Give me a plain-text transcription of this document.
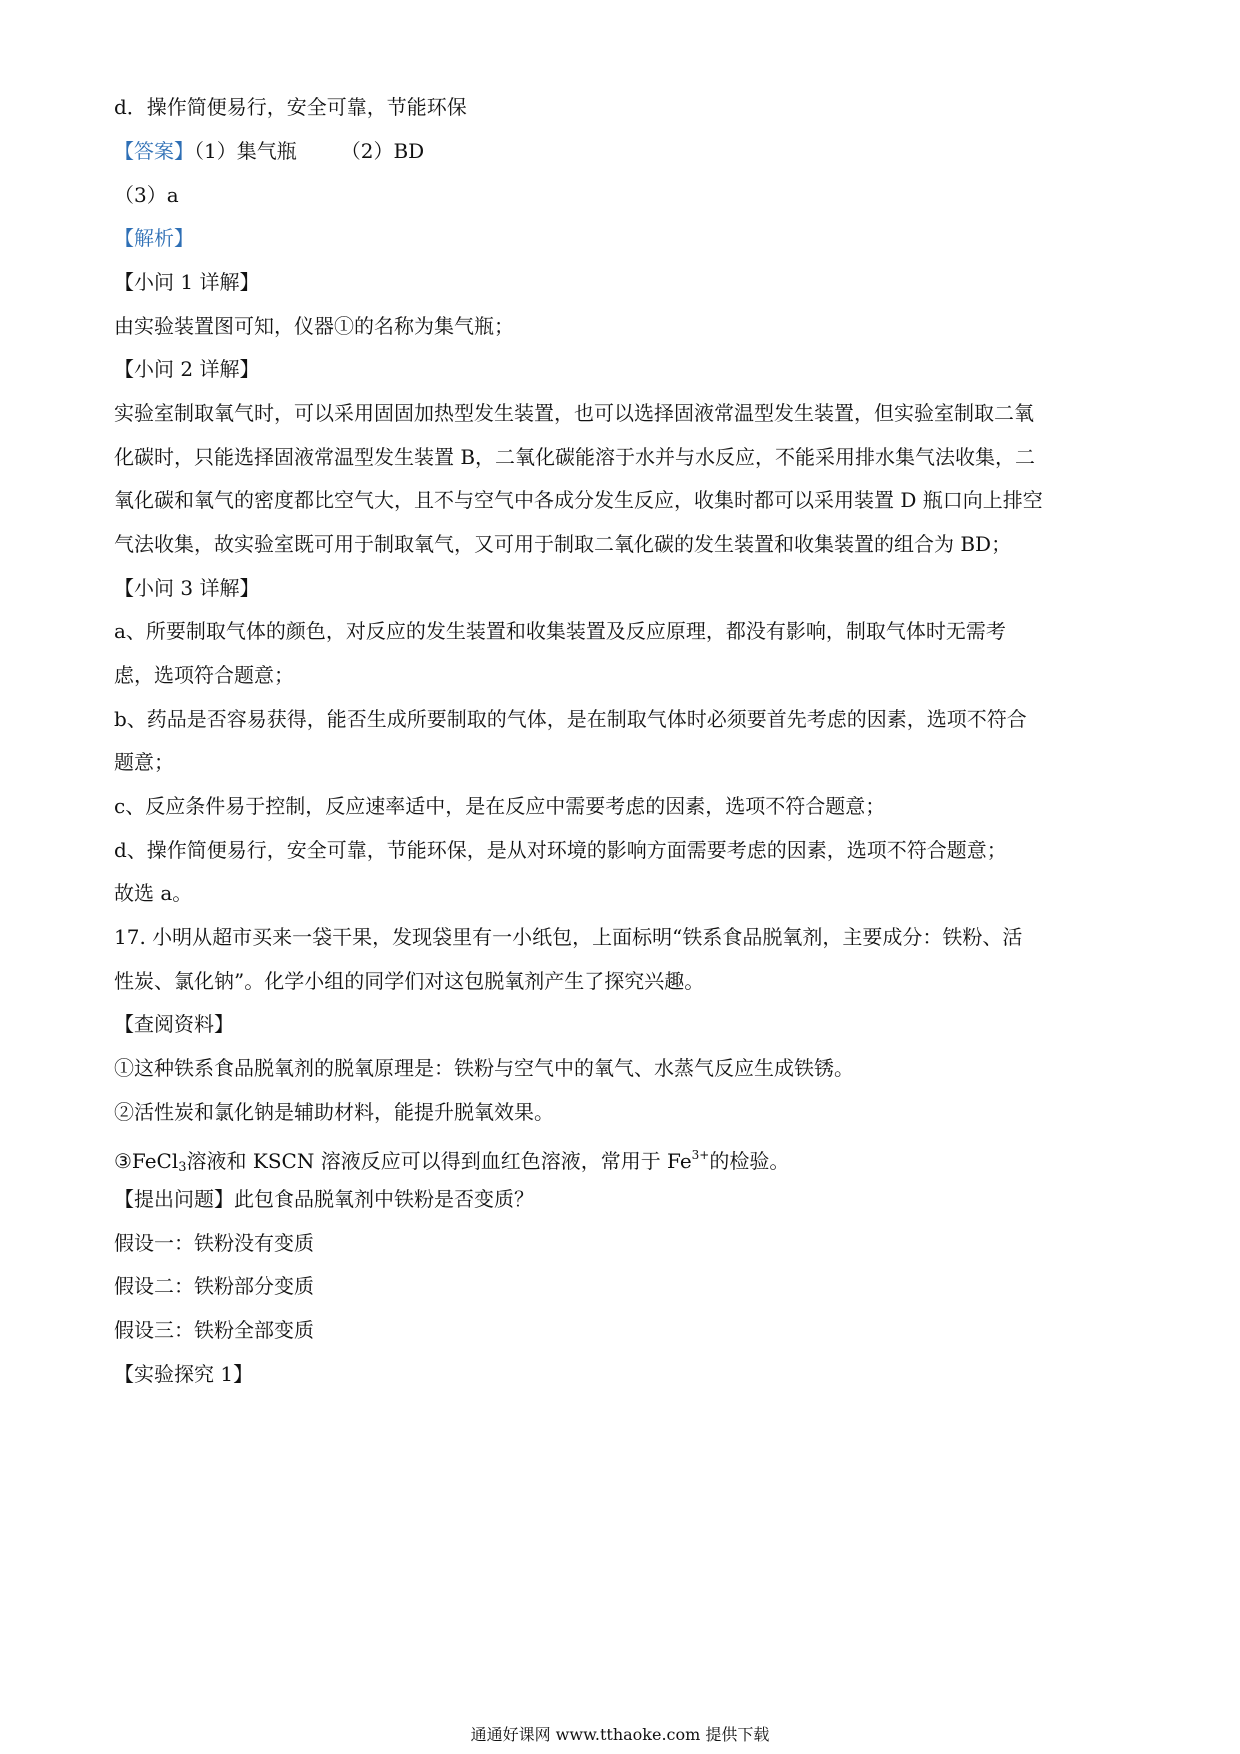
d．操作简便易行，安全可靠，节能环保
【答案】（1）集气瓶 （2）BD
（3）a
【解析】
【小问 1 详解】
由实验装置图可知，仪器①的名称为集气瓶；
【小问 2 详解】
实验室制取氧气时，可以采用固固加热型发生装置，也可以选择固液常温型发生装置，但实验室制取二氧
化碳时，只能选择固液常温型发生装置 B，二氧化碳能溶于水并与水反应，不能采用排水集气法收集，二
氧化碳和氧气的密度都比空气大，且不与空气中各成分发生反应，收集时都可以采用装置 D 瓶口向上排空
气法收集，故实验室既可用于制取氧气，又可用于制取二氧化碳的发生装置和收集装置的组合为 BD；
【小问 3 详解】
a、所要制取气体的颜色，对反应的发生装置和收集装置及反应原理，都没有影响，制取气体时无需考
虑，选项符合题意；
b、药品是否容易获得，能否生成所要制取的气体，是在制取气体时必须要首先考虑的因素，选项不符合
题意；
c、反应条件易于控制，反应速率适中，是在反应中需要考虑的因素，选项不符合题意；
d、操作简便易行，安全可靠，节能环保，是从对环境的影响方面需要考虑的因素，选项不符合题意；
故选 a。
17. 小明从超市买来一袋干果，发现袋里有一小纸包，上面标明“铁系食品脱氧剂，主要成分：铁粉、活
性炭、氯化钠”。化学小组的同学们对这包脱氧剂产生了探究兴趣。
【查阅资料】
①这种铁系食品脱氧剂的脱氧原理是：铁粉与空气中的氧气、水蒸气反应生成铁锈。
②活性炭和氯化钠是辅助材料，能提升脱氧效果。
③FeCl$_3$溶液和 KSCN 溶液反应可以得到血红色溶液，常用于 $Fe^{3+}$的检验。
【提出问题】此包食品脱氧剂中铁粉是否变质？
假设一：铁粉没有变质
假设二：铁粉部分变质
假设三：铁粉全部变质
【实验探究 1】
通通好课网 www.tthaoke.com 提供下载
